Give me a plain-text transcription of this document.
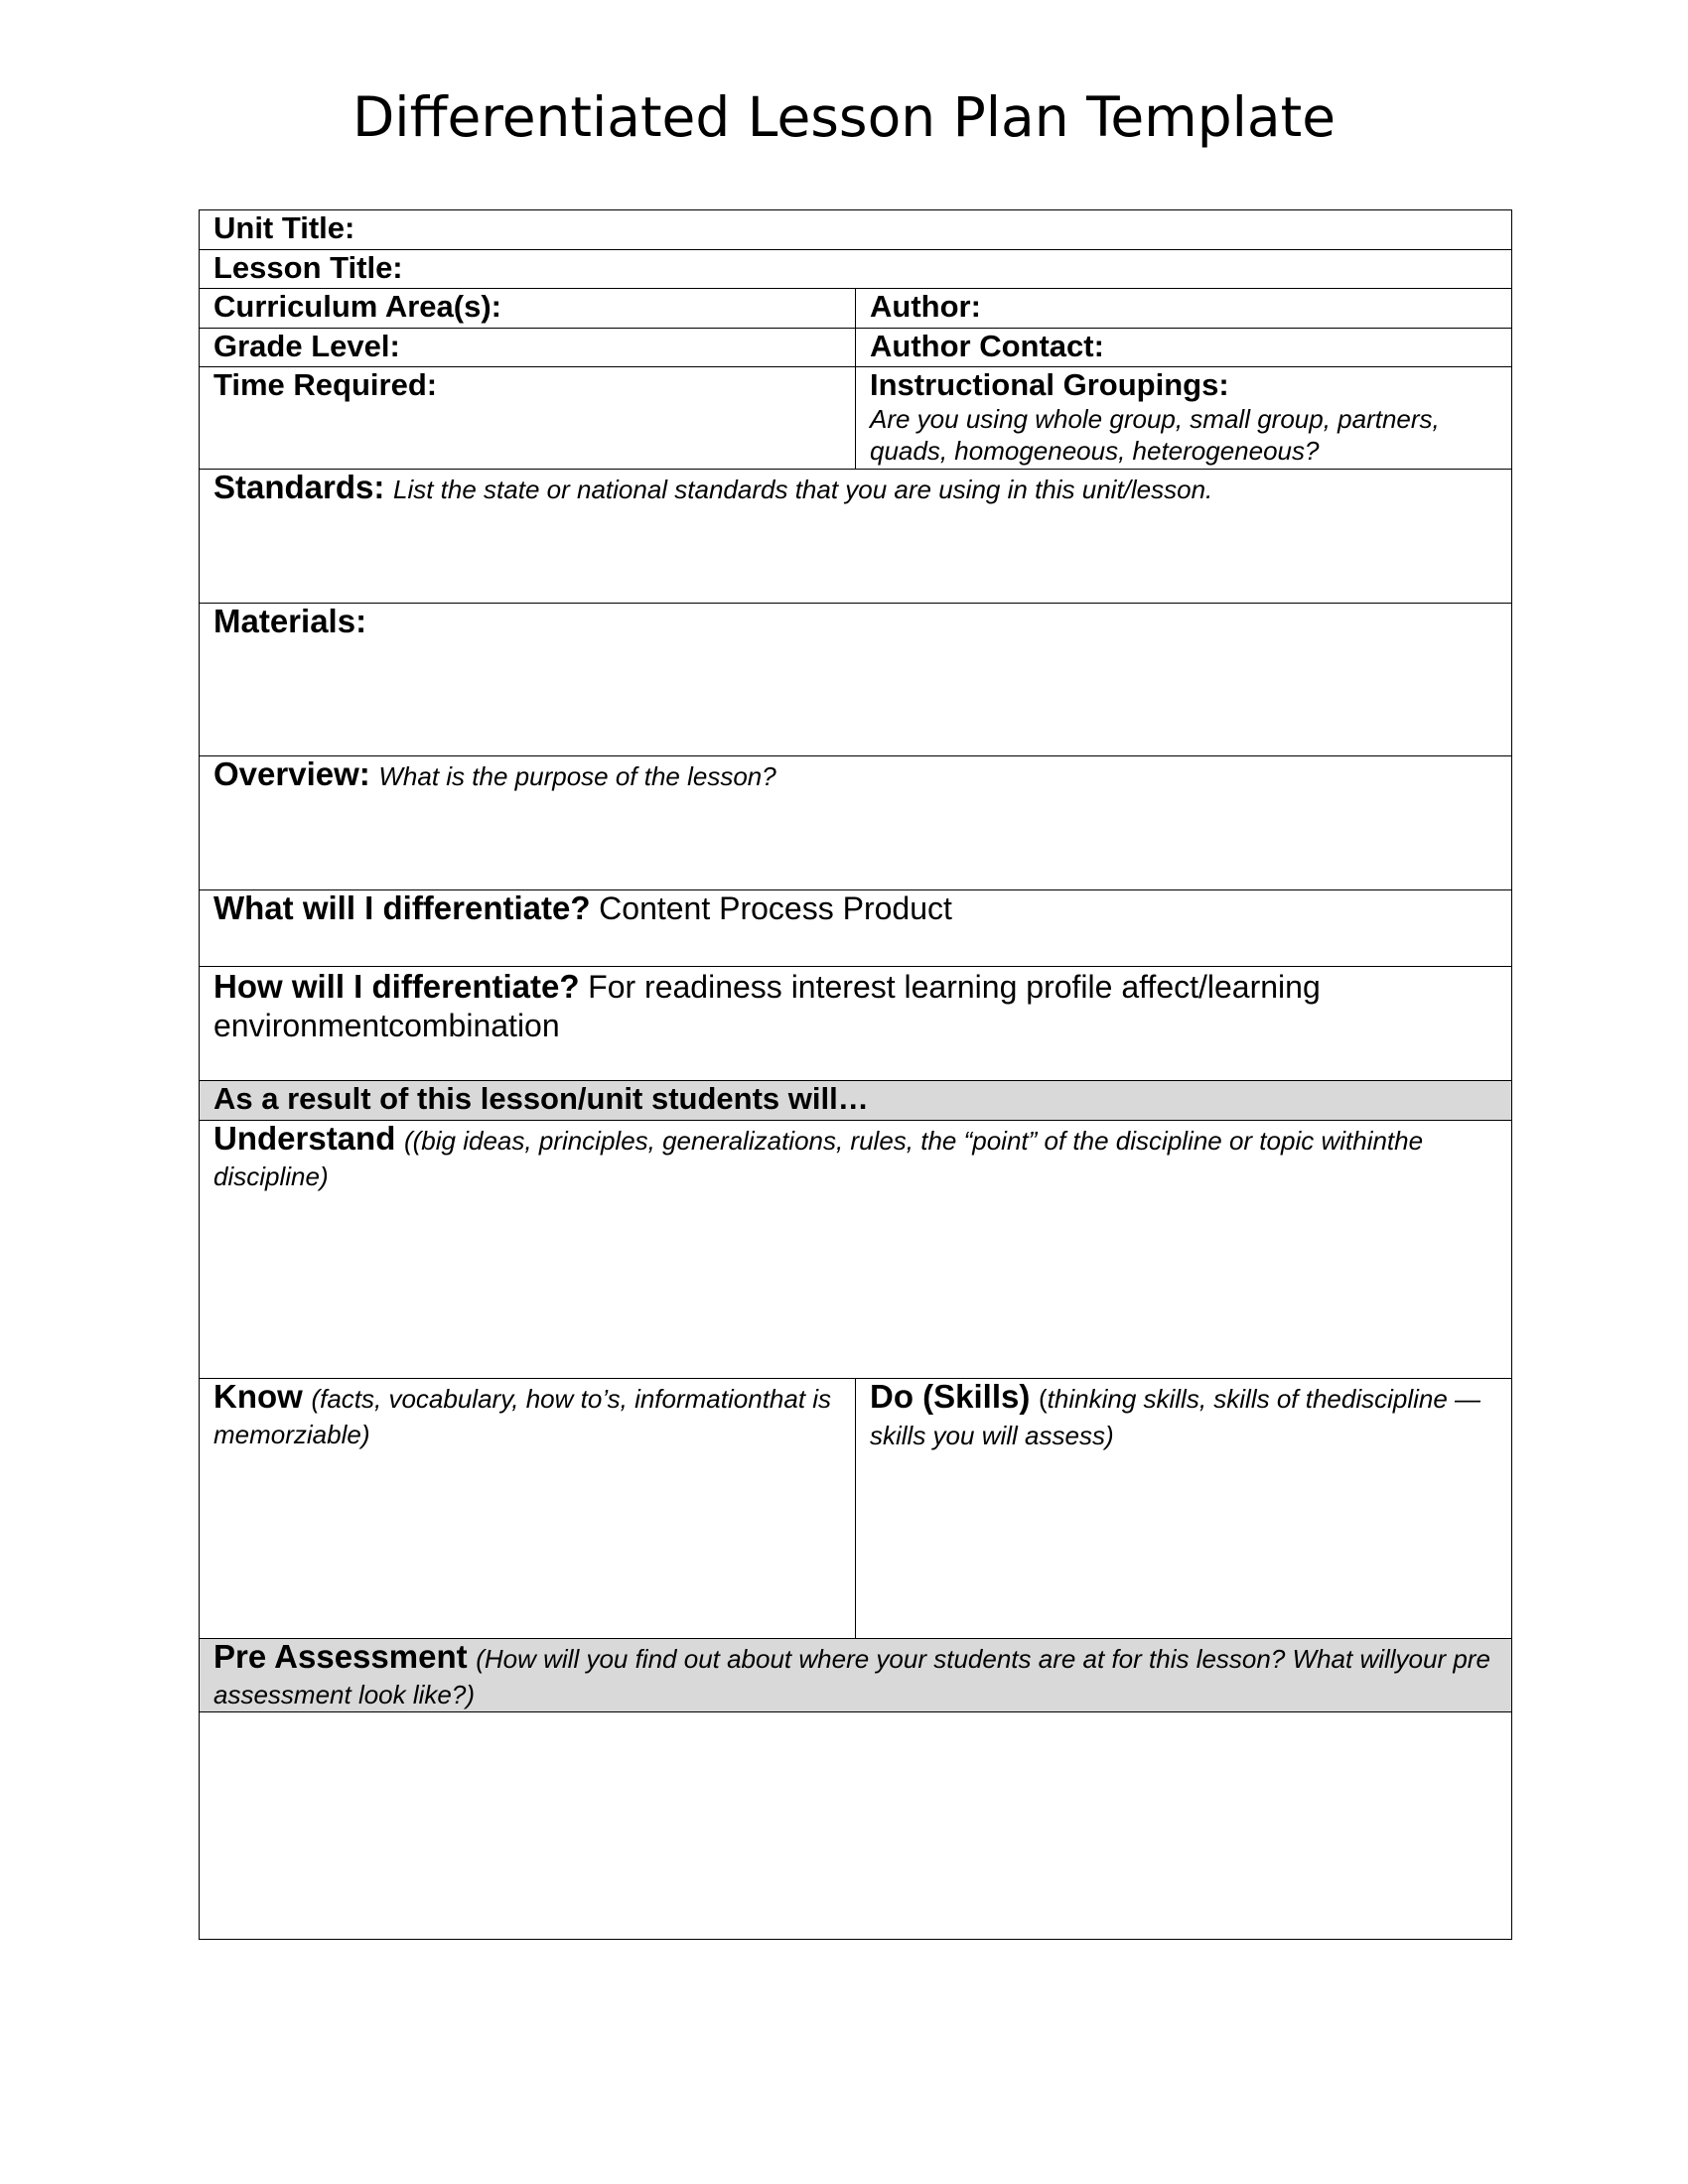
Differentiated Lesson Plan Template
Unit Title:	
Lesson Title:	
Curriculum Area(s):	Author:
Grade Level:	Author Contact:
Time Required:	Instructional Groupings:
Are you using whole group, small group, partners, quads, homogeneous, heterogeneous?

Standards: List the state or national standards that you are using in this unit/lesson.	
Materials:	
Overview: What is the purpose of the lesson?	
What will I differentiate? Content Process Product	
How will I differentiate? For readiness interest learning profile affect/learning environmentcombination	
As a result of this lesson/unit students will…	
Understand ((big ideas, principles, generalizations, rules, the “point” of the discipline or topic withinthe discipline)	
Know (facts, vocabulary, how to’s, informationthat is memorziable)	Do (Skills) (thinking skills, skills of thediscipline —skills you will assess)
Pre Assessment (How will you find out about where your students are at for this lesson? What willyour pre assessment look like?)	
